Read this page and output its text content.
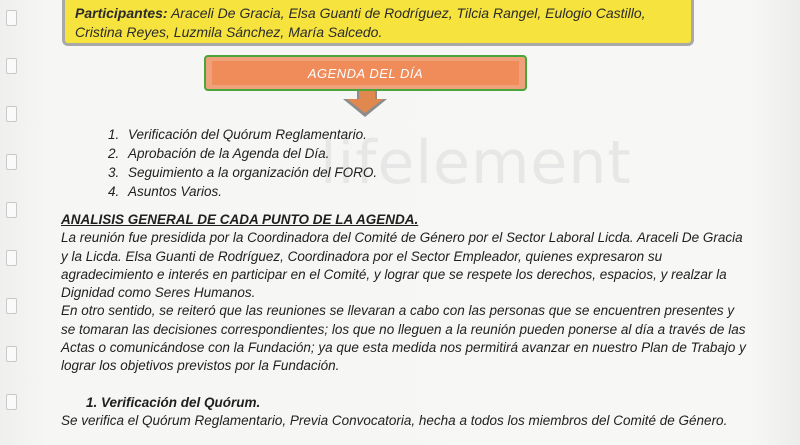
lifelement
Participantes: Araceli De Gracia, Elsa Guanti de Rodríguez, Tilcia Rangel, Eulogio Castillo, Cristina Reyes, Luzmila Sánchez, María Salcedo.
AGENDA DEL DÍA
1. Verificación del Quórum Reglamentario.
2. Aprobación de la Agenda del Día.
3. Seguimiento a la organización del FORO.
4. Asuntos Varios.

ANALISIS GENERAL DE CADA PUNTO DE LA AGENDA.

La reunión fue presidida por la Coordinadora del Comité de Género por el Sector Laboral Licda. Araceli De Gracia y la Licda. Elsa Guanti de Rodríguez, Coordinadora por el Sector Empleador, quienes expresaron su agradecimiento e interés en participar en el Comité, y lograr que se respete los derechos, espacios, y realzar la Dignidad como Seres Humanos.

En otro sentido, se reiteró que las reuniones se llevaran a cabo con las personas que se encuentren presentes y se tomaran las decisiones correspondientes; los que no lleguen a la reunión pueden ponerse al día a través de las Actas o comunicándose con la Fundación; ya que esta medida nos permitirá avanzar en nuestro Plan de Trabajo y lograr los objetivos previstos por la Fundación.

1. Verificación del Quórum.

Se verifica el Quórum Reglamentario, Previa Convocatoria, hecha a todos los miembros del Comité de Género.
